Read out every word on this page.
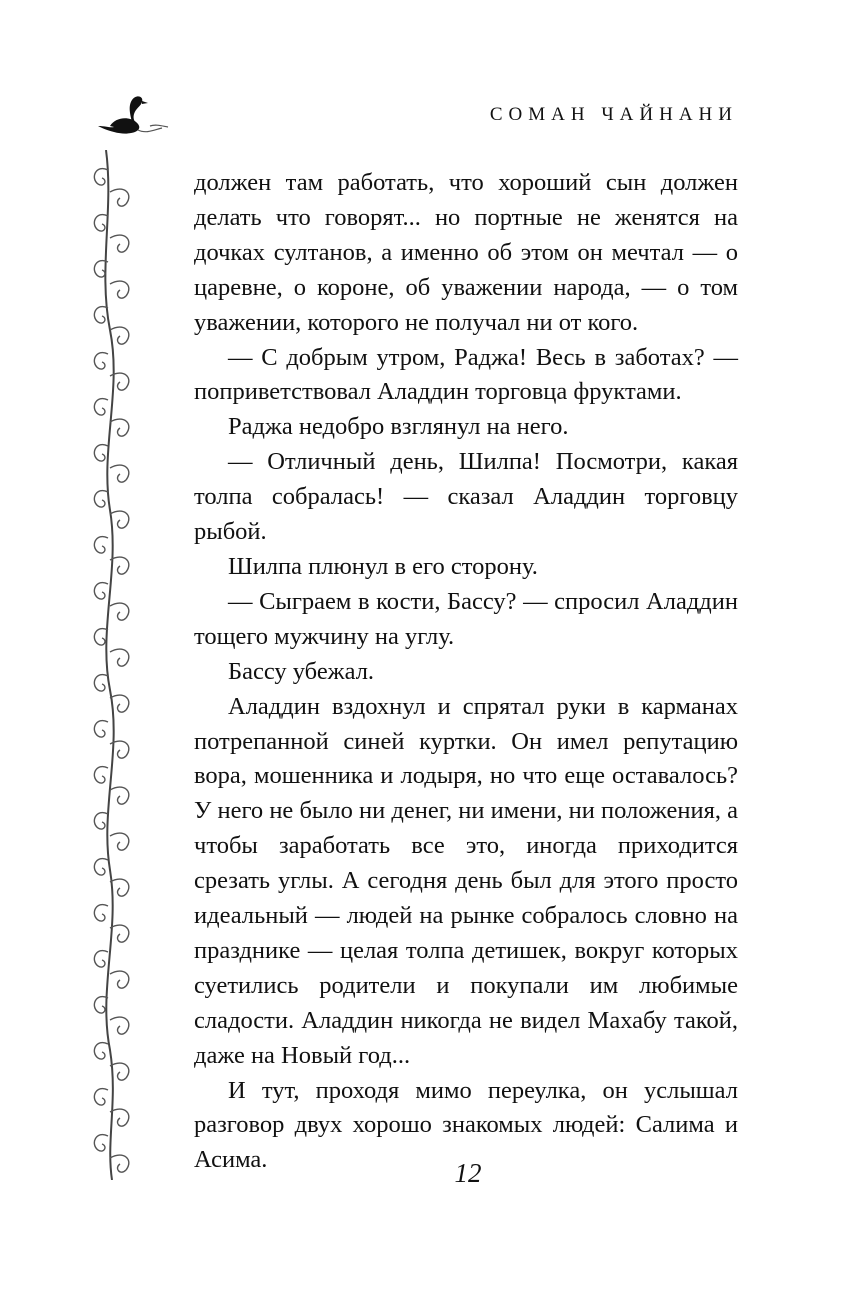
СОМАН ЧАЙНАНИ

должен там работать, что хороший сын должен делать что говорят... но портные не женятся на дочках султанов, а именно об этом он мечтал — о царевне, о короне, об уважении народа, — о том уважении, которого не получал ни от кого.

— С добрым утром, Раджа! Весь в заботах? — поприветствовал Аладдин торговца фруктами.

Раджа недобро взглянул на него.

— Отличный день, Шилпа! Посмотри, какая толпа собралась! — сказал Аладдин торговцу рыбой.

Шилпа плюнул в его сторону.

— Сыграем в кости, Бассу? — спросил Аладдин тощего мужчину на углу.

Бассу убежал.

Аладдин вздохнул и спрятал руки в карманах потрепанной синей куртки. Он имел репутацию вора, мошенника и лодыря, но что еще оставалось? У него не было ни денег, ни имени, ни положения, а чтобы заработать все это, иногда приходится срезать углы. А сегодня день был для этого просто идеальный — людей на рынке собралось словно на празднике — целая толпа детишек, вокруг которых суетились родители и покупали им любимые сладости. Аладдин никогда не видел Махабу такой, даже на Новый год...

И тут, проходя мимо переулка, он услышал разговор двух хорошо знакомых людей: Салима и Асима.	12
